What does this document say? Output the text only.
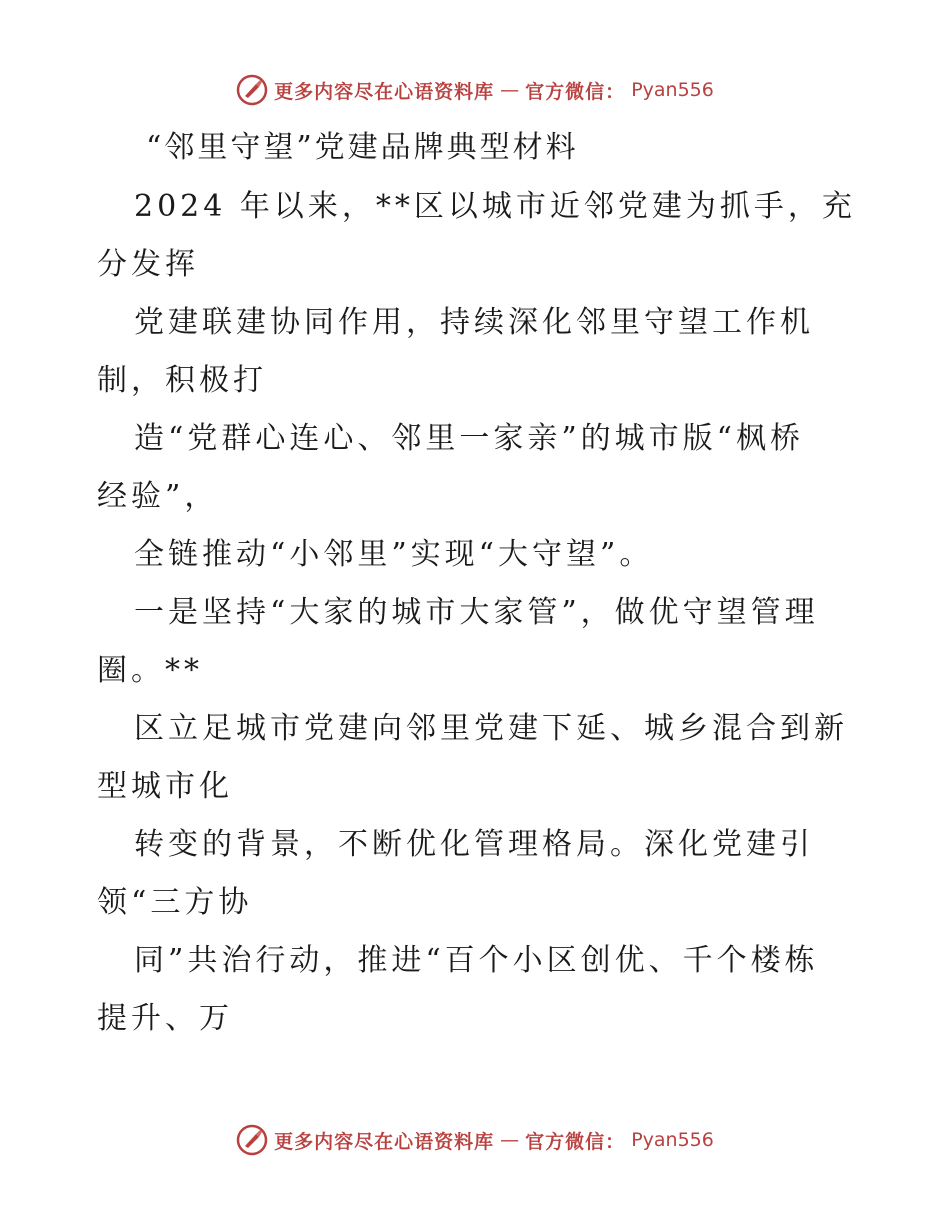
更多内容尽在心语资料库 — 官方微信： Pyan556
“邻里守望”党建品牌典型材料
2024 年以来，**区以城市近邻党建为抓手，充
分发挥
党建联建协同作用，持续深化邻里守望工作机
制，积极打
造“党群心连心、邻里一家亲”的城市版“枫桥
经验”，
全链推动“小邻里”实现“大守望”。
一是坚持“大家的城市大家管”，做优守望管理
圈。**
区立足城市党建向邻里党建下延、城乡混合到新
型城市化
转变的背景，不断优化管理格局。深化党建引
领“三方协
同”共治行动，推进“百个小区创优、千个楼栋
提升、万
更多内容尽在心语资料库 — 官方微信： Pyan556
